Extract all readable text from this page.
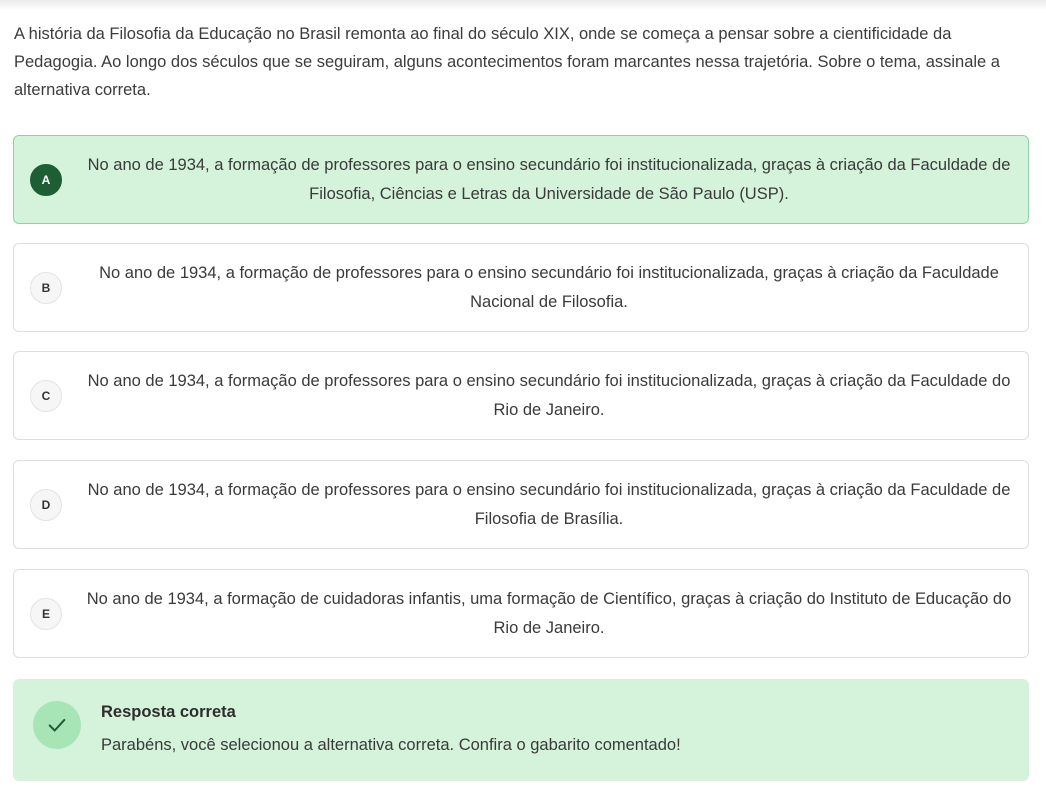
A história da Filosofia da Educação no Brasil remonta ao final do século XIX, onde se começa a pensar sobre a cientificidade da Pedagogia. Ao longo dos séculos que se seguiram, alguns acontecimentos foram marcantes nessa trajetória. Sobre o tema, assinale a alternativa correta.

A
No ano de 1934, a formação de professores para o ensino secundário foi institucionalizada, graças à criação da Faculdade de Filosofia, Ciências e Letras da Universidade de São Paulo (USP).
B
No ano de 1934, a formação de professores para o ensino secundário foi institucionalizada, graças à criação da Faculdade Nacional de Filosofia.
C
No ano de 1934, a formação de professores para o ensino secundário foi institucionalizada, graças à criação da Faculdade do Rio de Janeiro.
D
No ano de 1934, a formação de professores para o ensino secundário foi institucionalizada, graças à criação da Faculdade de Filosofia de Brasília.
E
No ano de 1934, a formação de cuidadoras infantis, uma formação de Científico, graças à criação do Instituto de Educação do Rio de Janeiro.
Resposta correta
Parabéns, você selecionou a alternativa correta. Confira o gabarito comentado!
